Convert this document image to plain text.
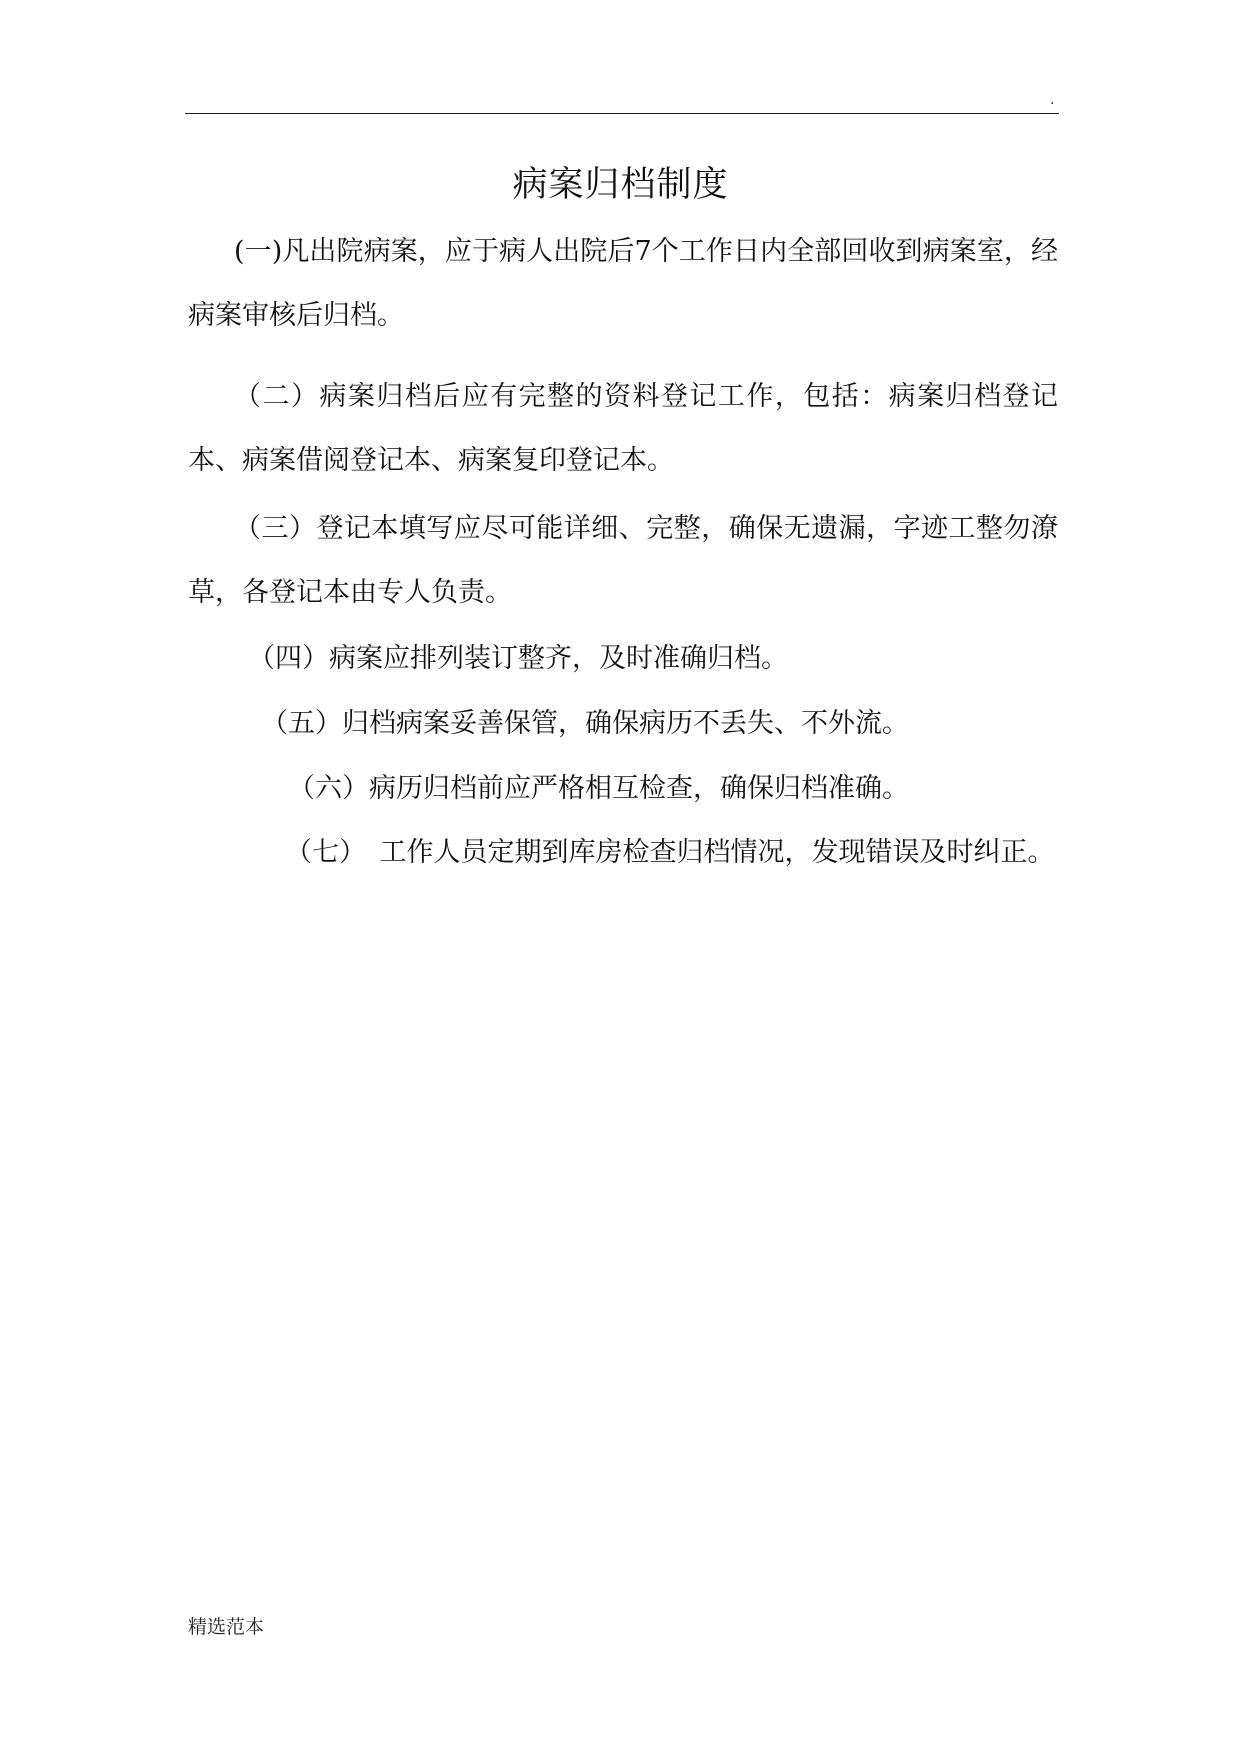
.
病案归档制度

(一)凡出院病案，应于病人出院后7个工作日内全部回收到病案室，经病案审核后归档。

（二）病案归档后应有完整的资料登记工作，包括：病案归档登记本、病案借阅登记本、病案复印登记本。

（三）登记本填写应尽可能详细、完整，确保无遗漏，字迹工整勿潦草，各登记本由专人负责。

（四）病案应排列装订整齐，及时准确归档。

（五）归档病案妥善保管，确保病历不丢失、不外流。

（六）病历归档前应严格相互检查，确保归档准确。

（七）　工作人员定期到库房检查归档情况，发现错误及时纠正。

精选范本
